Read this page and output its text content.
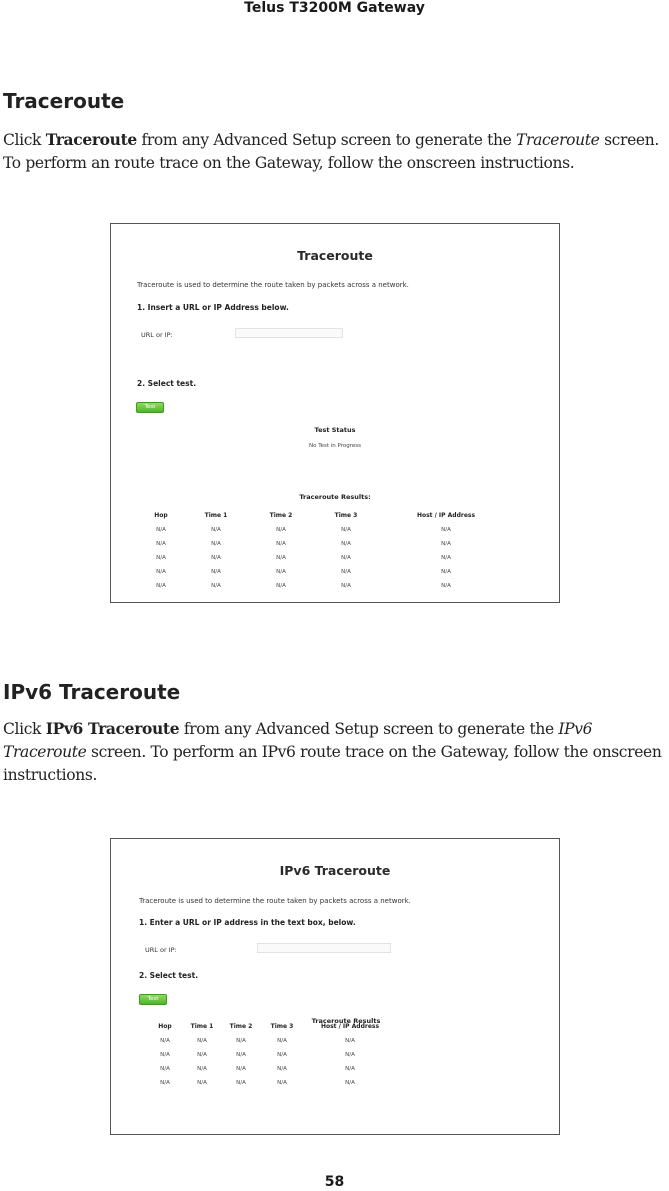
Telus T3200M Gateway
Traceroute

Click Traceroute from any Advanced Setup screen to generate the Traceroute screen. To perform an route trace on the Gateway, follow the onscreen instructions.

Traceroute
Traceroute is used to determine the route taken by packets across a network.
1. Insert a URL or IP Address below.
URL or IP:
2. Select test.
Test
Test Status
No Test in Progress
Traceroute Results:
Hop	Time 1	Time 2	Time 3	Host / IP Address
N/A	N/A	N/A	N/A	N/A
N/A	N/A	N/A	N/A	N/A
N/A	N/A	N/A	N/A	N/A
N/A	N/A	N/A	N/A	N/A
N/A	N/A	N/A	N/A	N/A
IPv6 Traceroute

Click IPv6 Traceroute from any Advanced Setup screen to generate the IPv6 Traceroute screen. To perform an IPv6 route trace on the Gateway, follow the onscreen instructions.

IPv6 Traceroute
Traceroute is used to determine the route taken by packets across a network.
1. Enter a URL or IP address in the text box, below.
URL or IP:
2. Select test.
Test
Traceroute Results
Hop	Time 1	Time 2	Time 3	Host / IP Address
N/A	N/A	N/A	N/A	N/A
N/A	N/A	N/A	N/A	N/A
N/A	N/A	N/A	N/A	N/A
N/A	N/A	N/A	N/A	N/A
58
